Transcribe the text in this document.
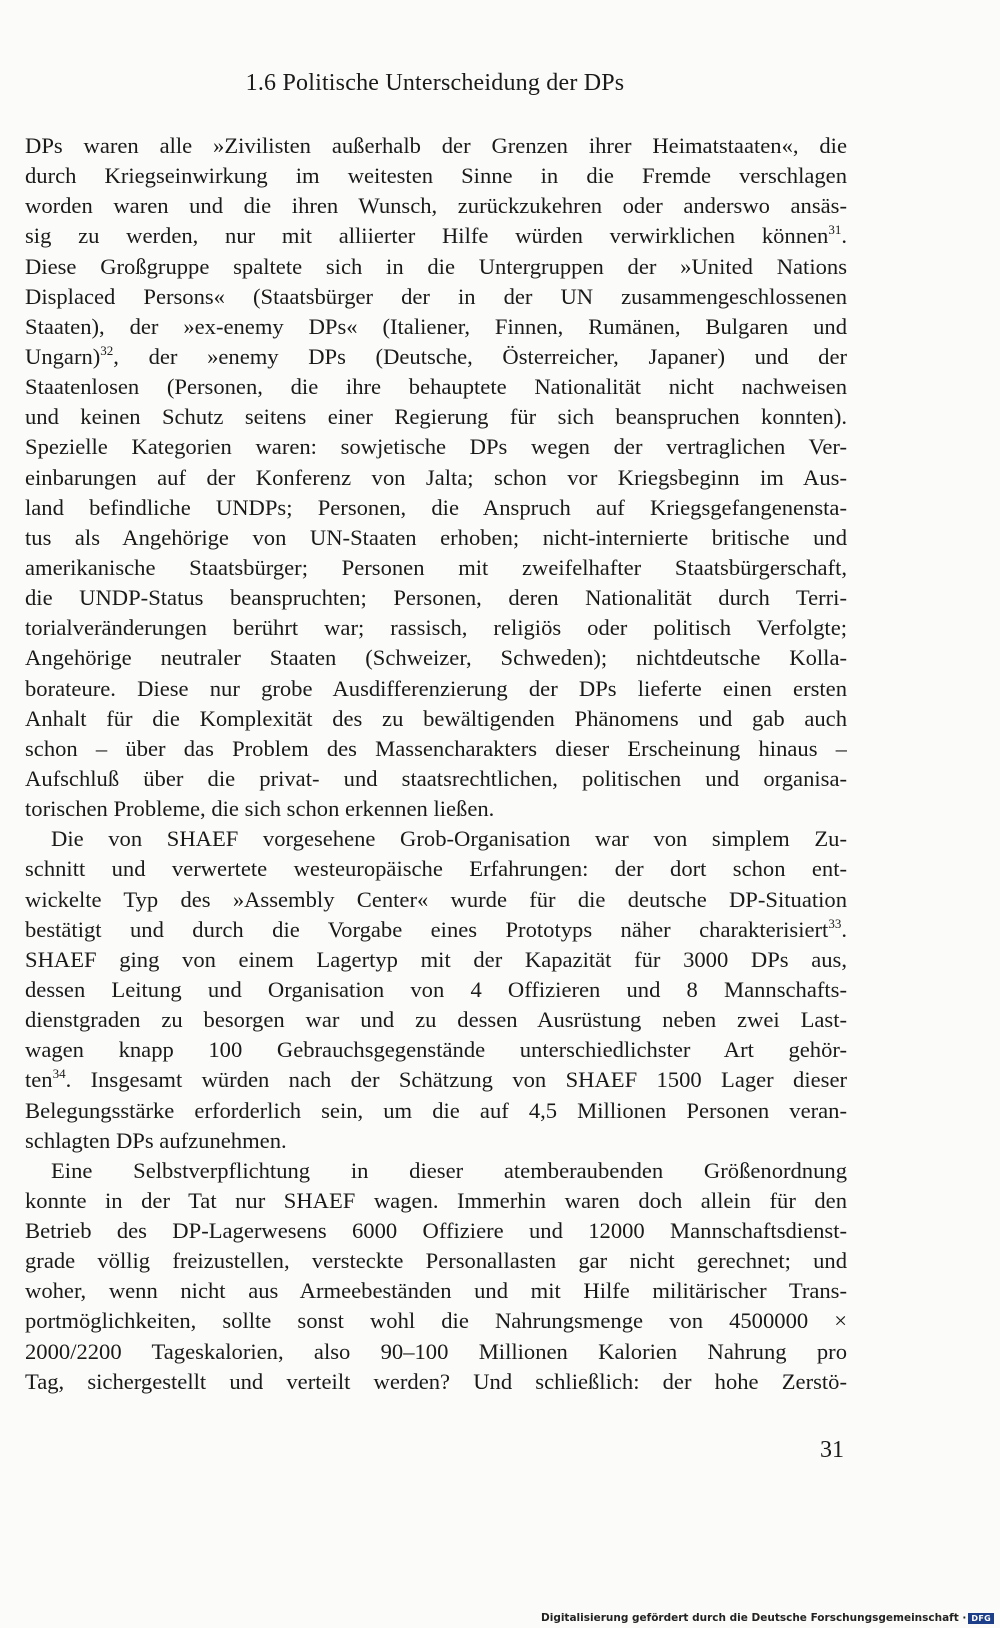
1.6 Politische Unterscheidung der DPs
DPs waren alle »Zivilisten außerhalb der Grenzen ihrer Heimatstaaten«, die
durch Kriegseinwirkung im weitesten Sinne in die Fremde verschlagen
worden waren und die ihren Wunsch, zurückzukehren oder anderswo ansäs-
sig zu werden, nur mit alliierter Hilfe würden verwirklichen können$^{31}$.
Diese Großgruppe spaltete sich in die Untergruppen der »United Nations
Displaced Persons« (Staatsbürger der in der UN zusammengeschlossenen
Staaten), der »ex-enemy DPs« (Italiener, Finnen, Rumänen, Bulgaren und
Ungarn)$^{32}$, der »enemy DPs (Deutsche, Österreicher, Japaner) und der
Staatenlosen (Personen, die ihre behauptete Nationalität nicht nachweisen
und keinen Schutz seitens einer Regierung für sich beanspruchen konnten).
Spezielle Kategorien waren: sowjetische DPs wegen der vertraglichen Ver-
einbarungen auf der Konferenz von Jalta; schon vor Kriegsbeginn im Aus-
land befindliche UNDPs; Personen, die Anspruch auf Kriegsgefangenensta-
tus als Angehörige von UN-Staaten erhoben; nicht-internierte britische und
amerikanische Staatsbürger; Personen mit zweifelhafter Staatsbürgerschaft,
die UNDP-Status beanspruchten; Personen, deren Nationalität durch Terri-
torialveränderungen berührt war; rassisch, religiös oder politisch Verfolgte;
Angehörige neutraler Staaten (Schweizer, Schweden); nichtdeutsche Kolla-
borateure. Diese nur grobe Ausdifferenzierung der DPs lieferte einen ersten
Anhalt für die Komplexität des zu bewältigenden Phänomens und gab auch
schon – über das Problem des Massencharakters dieser Erscheinung hinaus –
Aufschluß über die privat- und staatsrechtlichen, politischen und organisa-
torischen Probleme, die sich schon erkennen ließen.
Die von SHAEF vorgesehene Grob-Organisation war von simplem Zu-
schnitt und verwertete westeuropäische Erfahrungen: der dort schon ent-
wickelte Typ des »Assembly Center« wurde für die deutsche DP-Situation
bestätigt und durch die Vorgabe eines Prototyps näher charakterisiert$^{33}$.
SHAEF ging von einem Lagertyp mit der Kapazität für 3000 DPs aus,
dessen Leitung und Organisation von 4 Offizieren und 8 Mannschafts-
dienstgraden zu besorgen war und zu dessen Ausrüstung neben zwei Last-
wagen knapp 100 Gebrauchsgegenstände unterschiedlichster Art gehör-
ten$^{34}$. Insgesamt würden nach der Schätzung von SHAEF 1500 Lager dieser
Belegungsstärke erforderlich sein, um die auf 4,5 Millionen Personen veran-
schlagten DPs aufzunehmen.
Eine Selbstverpflichtung in dieser atemberaubenden Größenordnung
konnte in der Tat nur SHAEF wagen. Immerhin waren doch allein für den
Betrieb des DP-Lagerwesens 6000 Offiziere und 12000 Mannschaftsdienst-
grade völlig freizustellen, versteckte Personallasten gar nicht gerechnet; und
woher, wenn nicht aus Armeebeständen und mit Hilfe militärischer Trans-
portmöglichkeiten, sollte sonst wohl die Nahrungsmenge von 4500000 ×
2000/2200 Tageskalorien, also 90–100 Millionen Kalorien Nahrung pro
Tag, sichergestellt und verteilt werden? Und schließlich: der hohe Zerstö-
31
Digitalisierung gefördert durch die Deutsche Forschungsgemeinschaft · DFG
